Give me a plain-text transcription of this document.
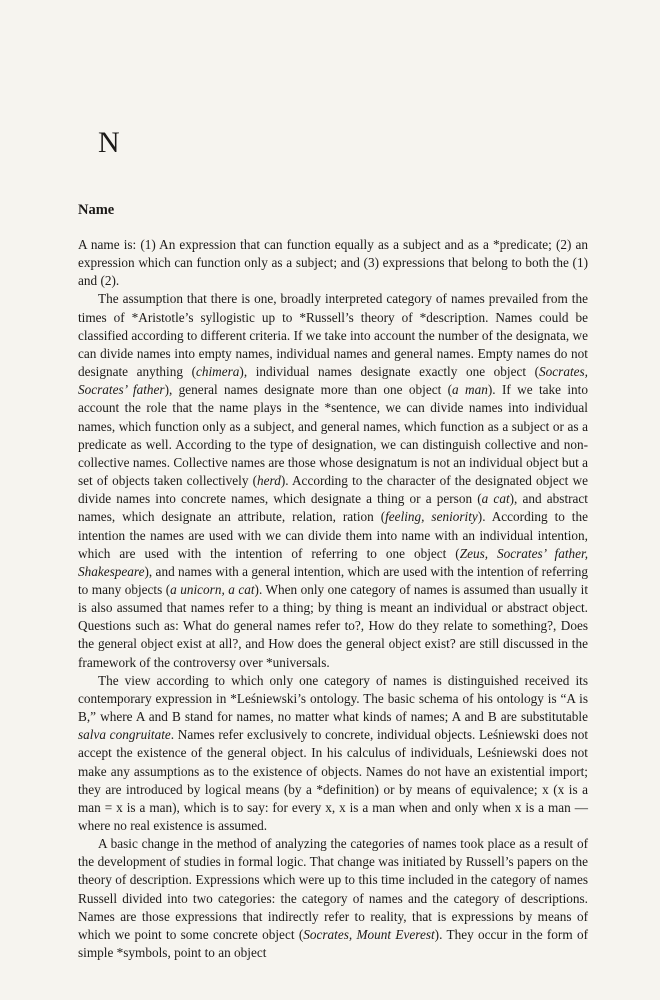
N
Name

A name is: (1) An expression that can function equally as a subject and as a *predicate; (2) an expression which can function only as a subject; and (3) expressions that belong to both the (1) and (2).

The assumption that there is one, broadly interpreted category of names prevailed from the times of *Aristotle’s syllogistic up to *Russell’s theory of *description. Names could be classified according to different criteria. If we take into account the number of the designata, we can divide names into empty names, individual names and general names. Empty names do not designate anything (chimera), individual names designate exactly one object (Socrates, Socrates’ father), general names designate more than one object (a man). If we take into account the role that the name plays in the *sentence, we can divide names into individual names, which function only as a subject, and general names, which function as a subject or as a predicate as well. According to the type of designation, we can distinguish collective and non-collective names. Collective names are those whose designatum is not an individual object but a set of objects taken collectively (herd). According to the character of the designated object we divide names into concrete names, which designate a thing or a person (a cat), and abstract names, which designate an attribute, relation, ration (feeling, seniority). According to the intention the names are used with we can divide them into name with an individual intention, which are used with the intention of referring to one object (Zeus, Socrates’ father, Shakespeare), and names with a general intention, which are used with the intention of referring to many objects (a unicorn, a cat). When only one category of names is assumed than usually it is also assumed that names refer to a thing; by thing is meant an individual or abstract object. Questions such as: What do general names refer to?, How do they relate to something?, Does the general object exist at all?, and How does the general object exist? are still discussed in the framework of the controversy over *universals.

The view according to which only one category of names is distinguished received its contemporary expression in *Leśniewski’s ontology. The basic schema of his ontology is “A is B,” where A and B stand for names, no matter what kinds of names; A and B are substitutable salva congruitate. Names refer exclusively to concrete, individual objects. Leśniewski does not accept the existence of the general object. In his calculus of individuals, Leśniewski does not make any assumptions as to the existence of objects. Names do not have an existential import; they are introduced by logical means (by a *definition) or by means of equivalence; x (x is a man = x is a man), which is to say: for every x, x is a man when and only when x is a man — where no real existence is assumed.

A basic change in the method of analyzing the categories of names took place as a result of the development of studies in formal logic. That change was initiated by Russell’s papers on the theory of description. Expressions which were up to this time included in the category of names Russell divided into two categories: the category of names and the category of descriptions. Names are those expressions that indirectly refer to reality, that is expressions by means of which we point to some concrete object (Socrates, Mount Everest). They occur in the form of simple *symbols, point to an object
